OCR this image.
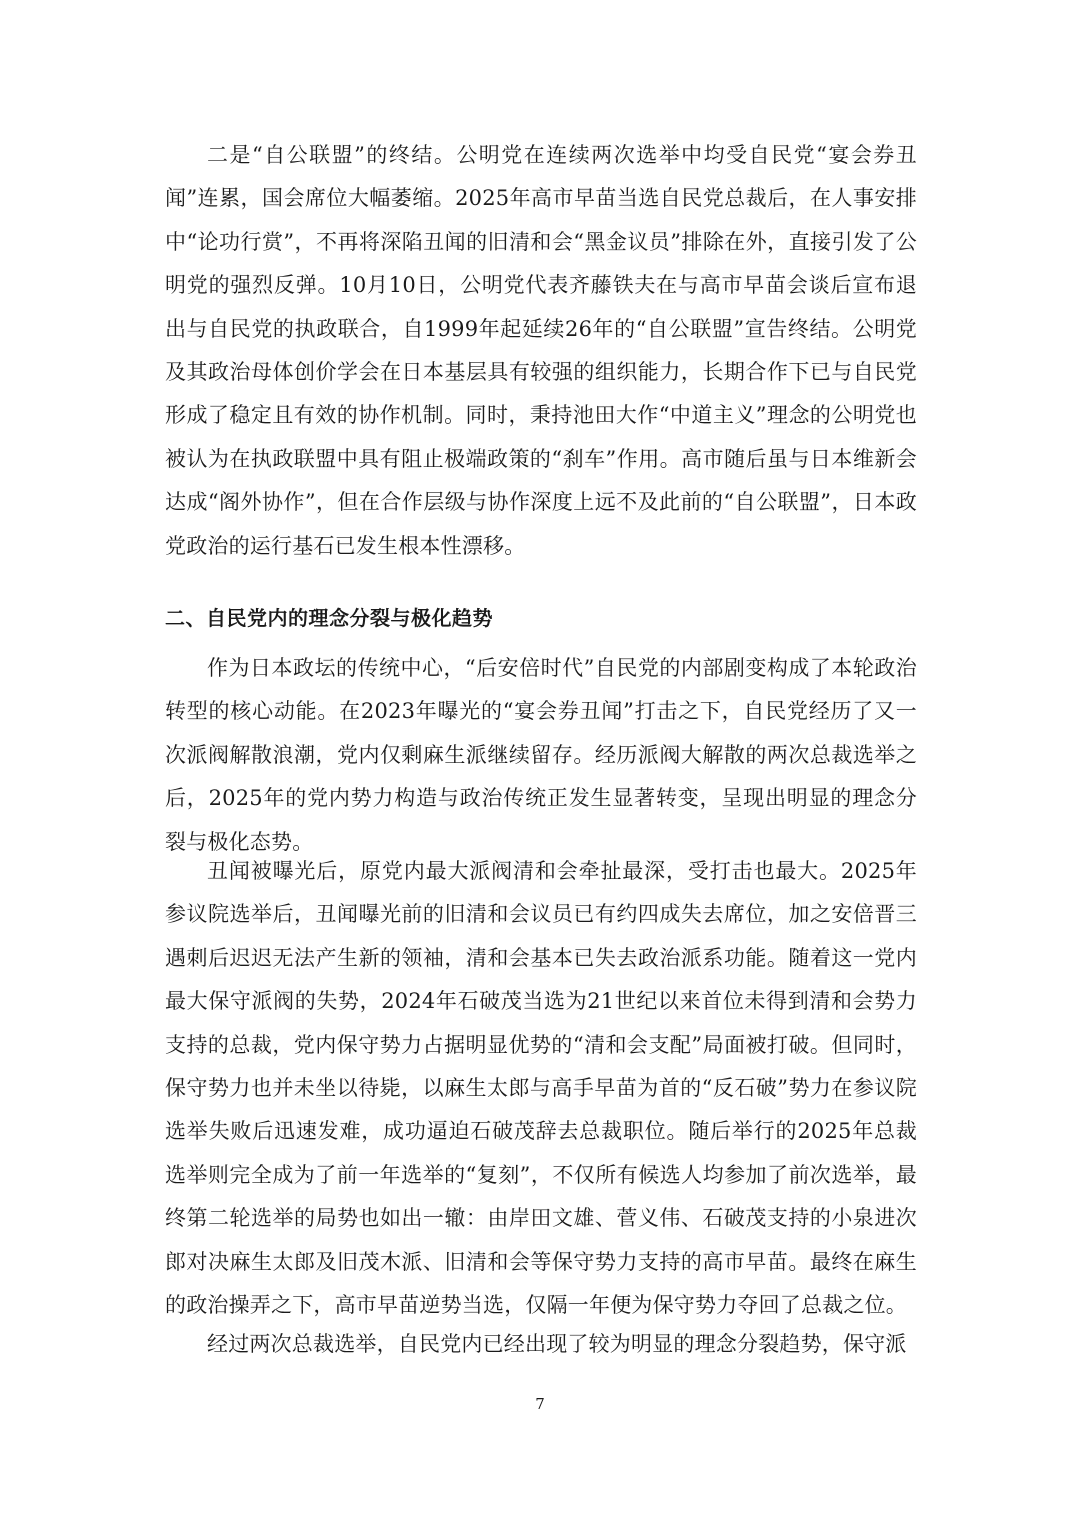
二是“自公联盟”的终结。公明党在连续两次选举中均受自民党“宴会券丑闻”连累，国会席位大幅萎缩。2025年高市早苗当选自民党总裁后，在人事安排中“论功行赏”，不再将深陷丑闻的旧清和会“黑金议员”排除在外，直接引发了公明党的强烈反弹。10月10日，公明党代表齐藤铁夫在与高市早苗会谈后宣布退出与自民党的执政联合，自1999年起延续26年的“自公联盟”宣告终结。公明党及其政治母体创价学会在日本基层具有较强的组织能力，长期合作下已与自民党形成了稳定且有效的协作机制。同时，秉持池田大作“中道主义”理念的公明党也被认为在执政联盟中具有阻止极端政策的“刹车”作用。高市随后虽与日本维新会达成“阁外协作”，但在合作层级与协作深度上远不及此前的“自公联盟”，日本政党政治的运行基石已发生根本性漂移。

二、自民党内的理念分裂与极化趋势

作为日本政坛的传统中心，“后安倍时代”自民党的内部剧变构成了本轮政治转型的核心动能。在2023年曝光的“宴会券丑闻”打击之下，自民党经历了又一次派阀解散浪潮，党内仅剩麻生派继续留存。经历派阀大解散的两次总裁选举之后，2025年的党内势力构造与政治传统正发生显著转变，呈现出明显的理念分裂与极化态势。

丑闻被曝光后，原党内最大派阀清和会牵扯最深，受打击也最大。2025年参议院选举后，丑闻曝光前的旧清和会议员已有约四成失去席位，加之安倍晋三遇刺后迟迟无法产生新的领袖，清和会基本已失去政治派系功能。随着这一党内最大保守派阀的失势，2024年石破茂当选为21世纪以来首位未得到清和会势力支持的总裁，党内保守势力占据明显优势的“清和会支配”局面被打破。但同时，保守势力也并未坐以待毙，以麻生太郎与高手早苗为首的“反石破”势力在参议院选举失败后迅速发难，成功逼迫石破茂辞去总裁职位。随后举行的2025年总裁选举则完全成为了前一年选举的“复刻”，不仅所有候选人均参加了前次选举，最终第二轮选举的局势也如出一辙：由岸田文雄、菅义伟、石破茂支持的小泉进次郎对决麻生太郎及旧茂木派、旧清和会等保守势力支持的高市早苗。最终在麻生的政治操弄之下，高市早苗逆势当选，仅隔一年便为保守势力夺回了总裁之位。

经过两次总裁选举，自民党内已经出现了较为明显的理念分裂趋势，保守派

7
